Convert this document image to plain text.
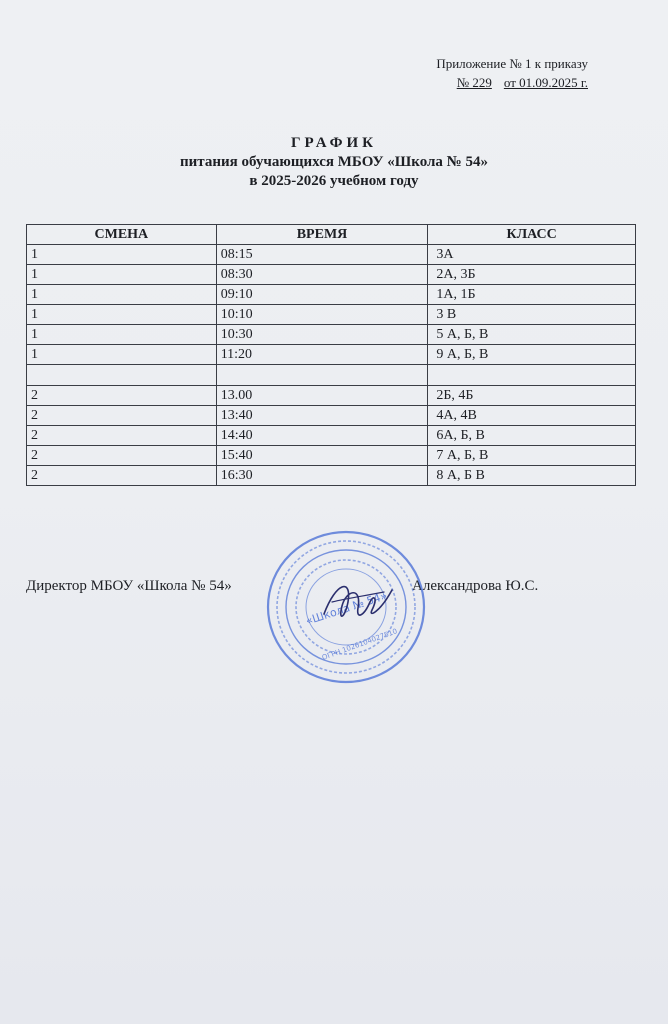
Приложение № 1 к приказу
№ 229 от 01.09.2025 г.
ГРАФИК
питания обучающихся МБОУ «Школа № 54»
в 2025-2026 учебном году
СМЕНА	ВРЕМЯ	КЛАСС
1	08:15	3А
1	08:30	2А, 3Б
1	09:10	1А, 1Б
1	10:10	3 В
1	10:30	5 А, Б, В
1	11:20	9 А, Б, В

2	13.00	2Б, 4Б
2	13:40	4А, 4В
2	14:40	6А, Б, В
2	15:40	7 А, Б, В
2	16:30	8 А, Б В
Директор МБОУ «Школа № 54»	Александрова Ю.С.
«Школа № 54»
ОГРН 1026104027510
